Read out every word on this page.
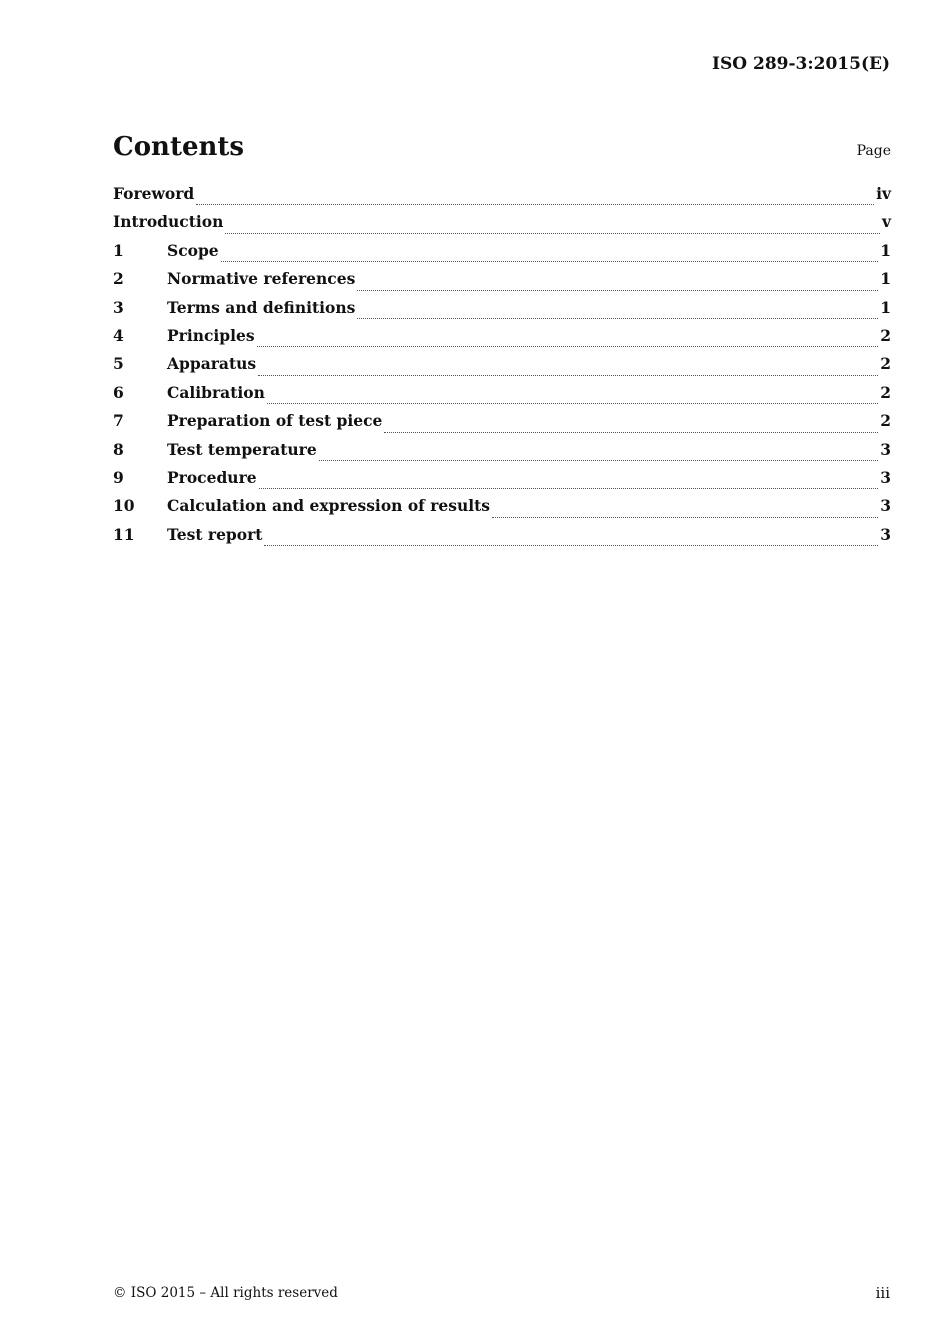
ISO 289-3:2015(E)
Contents	Page
Foreword	iv
Introduction	v
1	Scope	1
2	Normative references	1
3	Terms and definitions	1
4	Principles	2
5	Apparatus	2
6	Calibration	2
7	Preparation of test piece	2
8	Test temperature	3
9	Procedure	3
10	Calculation and expression of results	3
11	Test report	3
© ISO 2015 – All rights reserved	iii
